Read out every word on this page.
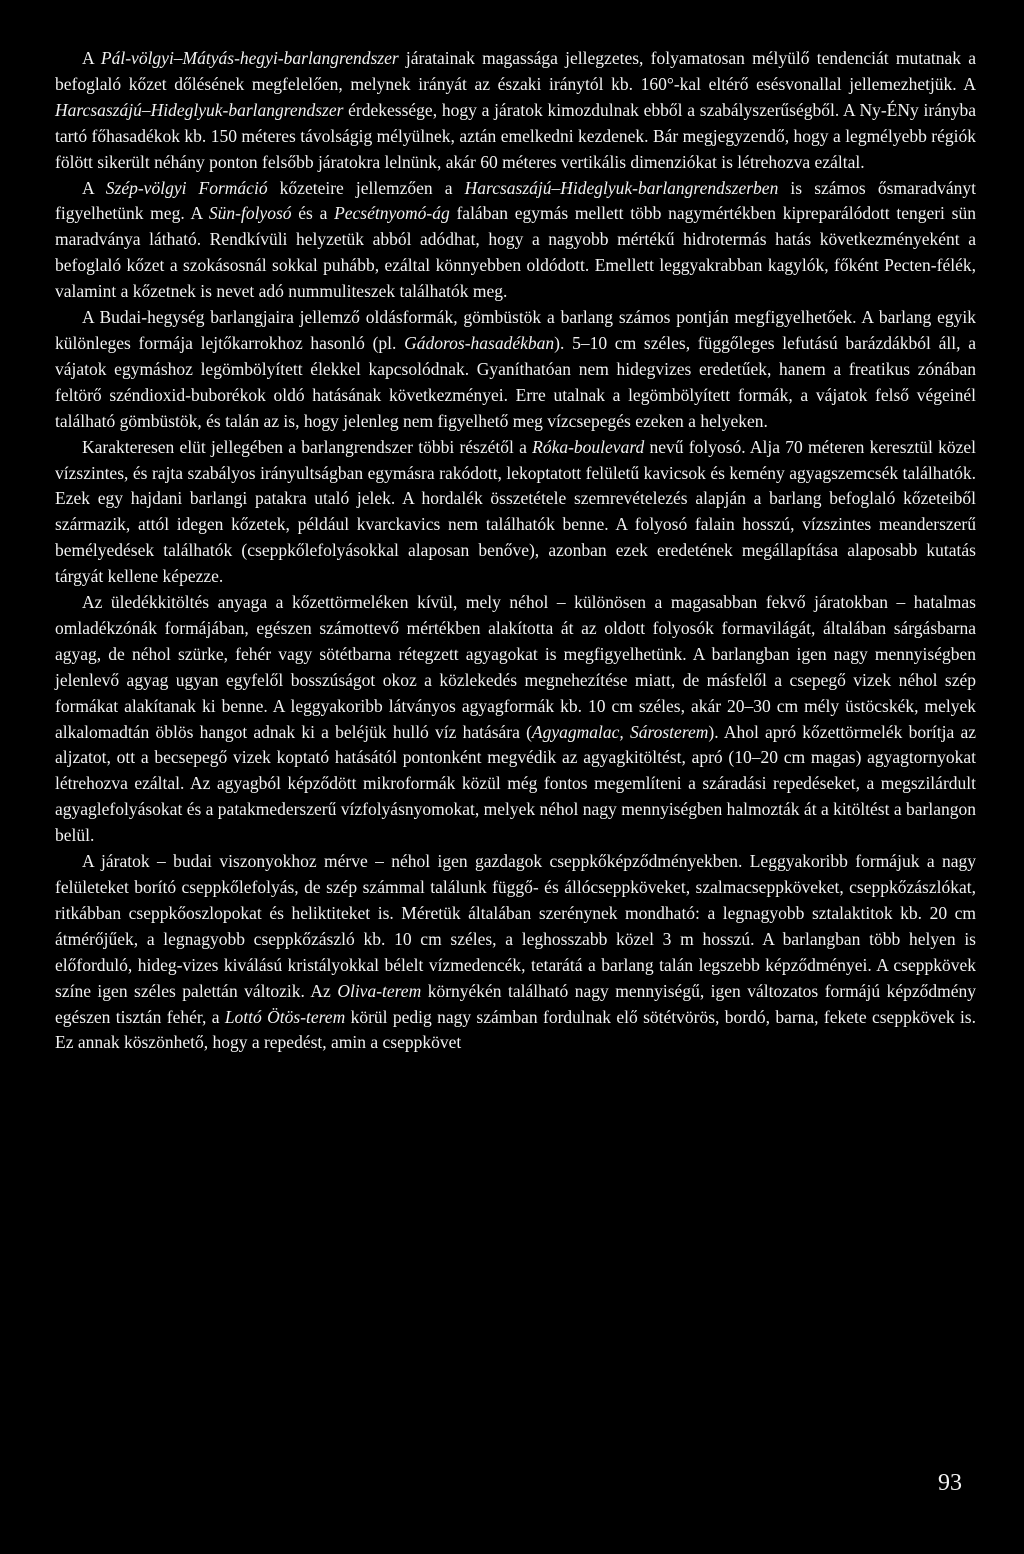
A Pál-völgyi–Mátyás-hegyi-barlangrendszer járatainak magassága jellegzetes, folyamatosan mélyülő tendenciát mutatnak a befoglaló kőzet dőlésének megfelelően, melynek irányát az északi iránytól kb. 160°-kal eltérő esésvonallal jellemezhetjük. A Harcsaszájú–Hideglyuk-barlangrendszer érdekessége, hogy a járatok kimozdulnak ebből a szabályszerűségből. A Ny-ÉNy irányba tartó főhasadékok kb. 150 méteres távolságig mélyülnek, aztán emelkedni kezdenek. Bár megjegyzendő, hogy a legmélyebb régiók fölött sikerült néhány ponton felsőbb járatokra lelnünk, akár 60 méteres vertikális dimenziókat is létrehozva ezáltal.

A Szép-völgyi Formáció kőzeteire jellemzően a Harcsaszájú–Hideglyuk-barlangrendszerben is számos ősmaradványt figyelhetünk meg. A Sün-folyosó és a Pecsétnyomó-ág falában egymás mellett több nagymértékben kipreparálódott tengeri sün maradványa látható. Rendkívüli helyzetük abból adódhat, hogy a nagyobb mértékű hidrotermás hatás következményeként a befoglaló kőzet a szokásosnál sokkal puhább, ezáltal könnyebben oldódott. Emellett leggyakrabban kagylók, főként Pecten-félék, valamint a kőzetnek is nevet adó nummuliteszek találhatók meg.

A Budai-hegység barlangjaira jellemző oldásformák, gömbüstök a barlang számos pontján megfigyelhetőek. A barlang egyik különleges formája lejtőkarrokhoz hasonló (pl. Gádoros-hasadékban). 5–10 cm széles, függőleges lefutású barázdákból áll, a vájatok egymáshoz legömbölyített élekkel kapcsolódnak. Gyaníthatóan nem hidegvizes eredetűek, hanem a freatikus zónában feltörő széndioxid-buborékok oldó hatásának következményei. Erre utalnak a legömbölyített formák, a vájatok felső végeinél található gömbüstök, és talán az is, hogy jelenleg nem figyelhető meg vízcsepegés ezeken a helyeken.

Karakteresen elüt jellegében a barlangrendszer többi részétől a Róka-boulevard nevű folyosó. Alja 70 méteren keresztül közel vízszintes, és rajta szabályos irányultságban egymásra rakódott, lekoptatott felületű kavicsok és kemény agyagszemcsék találhatók. Ezek egy hajdani barlangi patakra utaló jelek. A hordalék összetétele szemrevételezés alapján a barlang befoglaló kőzeteiből származik, attól idegen kőzetek, például kvarckavics nem találhatók benne. A folyosó falain hosszú, vízszintes meanderszerű bemélyedések találhatók (cseppkőlefolyásokkal alaposan benőve), azonban ezek eredetének megállapítása alaposabb kutatás tárgyát kellene képezze.

Az üledékkitöltés anyaga a kőzettörmeléken kívül, mely néhol – különösen a magasabban fekvő járatokban – hatalmas omladékzónák formájában, egészen számottevő mértékben alakította át az oldott folyosók formavilágát, általában sárgásbarna agyag, de néhol szürke, fehér vagy sötétbarna rétegzett agyagokat is megfigyelhetünk. A barlangban igen nagy mennyiségben jelenlevő agyag ugyan egyfelől bosszúságot okoz a közlekedés megnehezítése miatt, de másfelől a csepegő vizek néhol szép formákat alakítanak ki benne. A leggyakoribb látványos agyagformák kb. 10 cm széles, akár 20–30 cm mély üstöcskék, melyek alkalomadtán öblös hangot adnak ki a beléjük hulló víz hatására (Agyagmalac, Sárosterem). Ahol apró kőzettörmelék borítja az aljzatot, ott a becsepegő vizek koptató hatásától pontonként megvédik az agyagkitöltést, apró (10–20 cm magas) agyagtornyokat létrehozva ezáltal. Az agyagból képződött mikroformák közül még fontos megemlíteni a száradási repedéseket, a megszilárdult agyaglefolyásokat és a patakmederszerű vízfolyásnyomokat, melyek néhol nagy mennyiségben halmozták át a kitöltést a barlangon belül.

A járatok – budai viszonyokhoz mérve – néhol igen gazdagok cseppkőképződményekben. Leggyakoribb formájuk a nagy felületeket borító cseppkőlefolyás, de szép számmal találunk függő- és állócseppköveket, szalmacseppköveket, cseppkőzászlókat, ritkábban cseppkőoszlopokat és heliktiteket is. Méretük általában szerénynek mondható: a legnagyobb sztalaktitok kb. 20 cm átmérőjűek, a legnagyobb cseppkőzászló kb. 10 cm széles, a leghosszabb közel 3 m hosszú. A barlangban több helyen is előforduló, hideg-vizes kiválású kristályokkal bélelt vízmedencék, tetarátá a barlang talán legszebb képződményei. A cseppkövek színe igen széles palettán változik. Az Oliva-terem környékén található nagy mennyiségű, igen változatos formájú képződmény egészen tisztán fehér, a Lottó Ötös-terem körül pedig nagy számban fordulnak elő sötétvörös, bordó, barna, fekete cseppkövek is. Ez annak köszönhető, hogy a repedést, amin a cseppkövet

93
